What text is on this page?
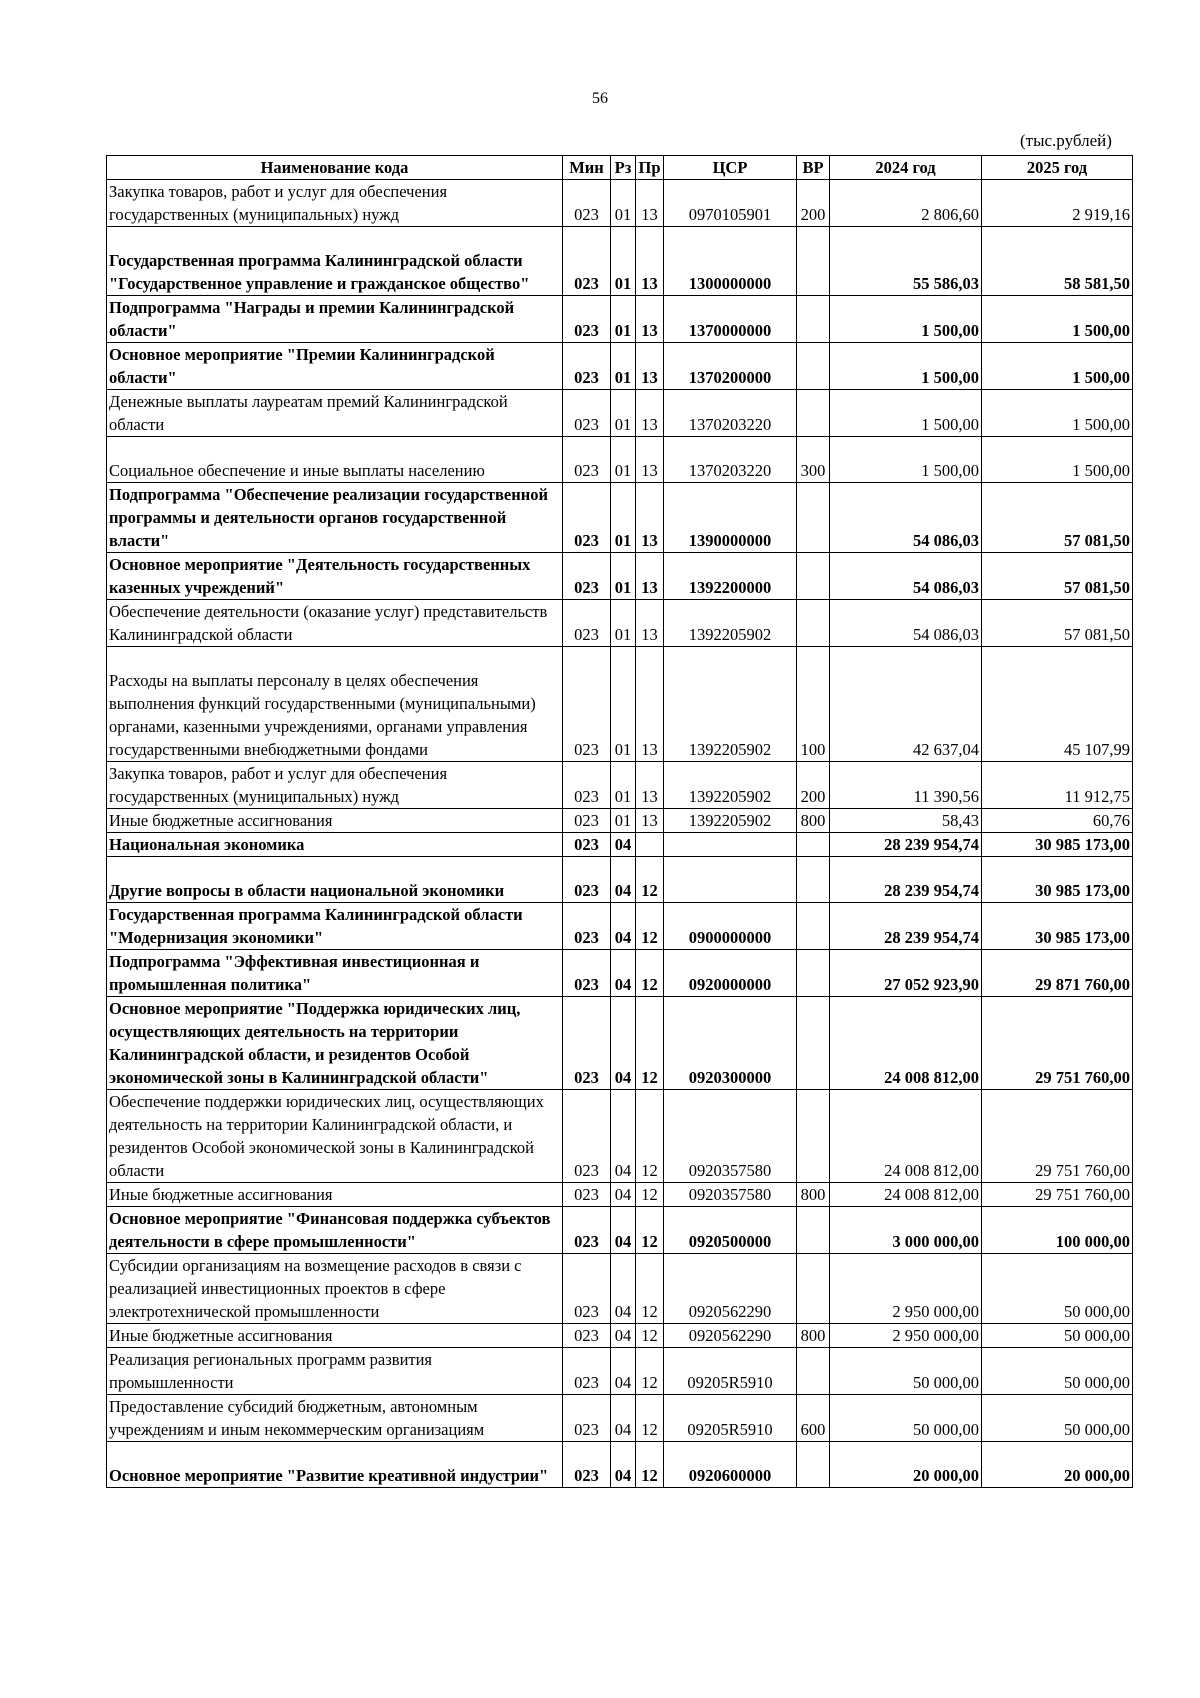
56
(тыс.рублей)
Наименование кода	Мин	Рз	Пр	ЦСР	ВР	2024 год	2025 год
Закупка товаров, работ и услуг для обеспечения государственных (муниципальных) нужд	023	01	13	0970105901	200	2 806,60	2 919,16
Государственная программа Калининградской области "Государственное управление и гражданское общество"	023	01	13	1300000000		55 586,03	58 581,50
Подпрограмма "Награды и премии Калининградской области"	023	01	13	1370000000		1 500,00	1 500,00
Основное мероприятие "Премии Калининградской области"	023	01	13	1370200000		1 500,00	1 500,00
Денежные выплаты лауреатам премий Калининградской области	023	01	13	1370203220		1 500,00	1 500,00
Социальное обеспечение и иные выплаты населению	023	01	13	1370203220	300	1 500,00	1 500,00
Подпрограмма "Обеспечение реализации государственной программы и деятельности органов государственной власти"	023	01	13	1390000000		54 086,03	57 081,50
Основное мероприятие "Деятельность государственных казенных учреждений"	023	01	13	1392200000		54 086,03	57 081,50
Обеспечение деятельности (оказание услуг) представительств Калининградской области	023	01	13	1392205902		54 086,03	57 081,50
Расходы на выплаты персоналу в целях обеспечения выполнения функций государственными (муниципальными) органами, казенными учреждениями, органами управления государственными внебюджетными фондами	023	01	13	1392205902	100	42 637,04	45 107,99
Закупка товаров, работ и услуг для обеспечения государственных (муниципальных) нужд	023	01	13	1392205902	200	11 390,56	11 912,75
Иные бюджетные ассигнования	023	01	13	1392205902	800	58,43	60,76
Национальная экономика	023	04				28 239 954,74	30 985 173,00
Другие вопросы в области национальной экономики	023	04	12			28 239 954,74	30 985 173,00
Государственная программа Калининградской области "Модернизация экономики"	023	04	12	0900000000		28 239 954,74	30 985 173,00
Подпрограмма "Эффективная инвестиционная и промышленная политика"	023	04	12	0920000000		27 052 923,90	29 871 760,00
Основное мероприятие "Поддержка юридических лиц, осуществляющих деятельность на территории Калининградской области, и резидентов Особой экономической зоны в Калининградской области"	023	04	12	0920300000		24 008 812,00	29 751 760,00
Обеспечение поддержки юридических лиц, осуществляющих деятельность на территории Калининградской области, и резидентов Особой экономической зоны в Калининградской области	023	04	12	0920357580		24 008 812,00	29 751 760,00
Иные бюджетные ассигнования	023	04	12	0920357580	800	24 008 812,00	29 751 760,00
Основное мероприятие "Финансовая поддержка субъектов деятельности в сфере промышленности"	023	04	12	0920500000		3 000 000,00	100 000,00
Субсидии организациям на возмещение расходов в связи с реализацией инвестиционных проектов в сфере электротехнической промышленности	023	04	12	0920562290		2 950 000,00	50 000,00
Иные бюджетные ассигнования	023	04	12	0920562290	800	2 950 000,00	50 000,00
Реализация региональных программ развития промышленности	023	04	12	09205R5910		50 000,00	50 000,00
Предоставление субсидий бюджетным, автономным учреждениям и иным некоммерческим организациям	023	04	12	09205R5910	600	50 000,00	50 000,00
Основное мероприятие "Развитие креативной индустрии"	023	04	12	0920600000		20 000,00	20 000,00
